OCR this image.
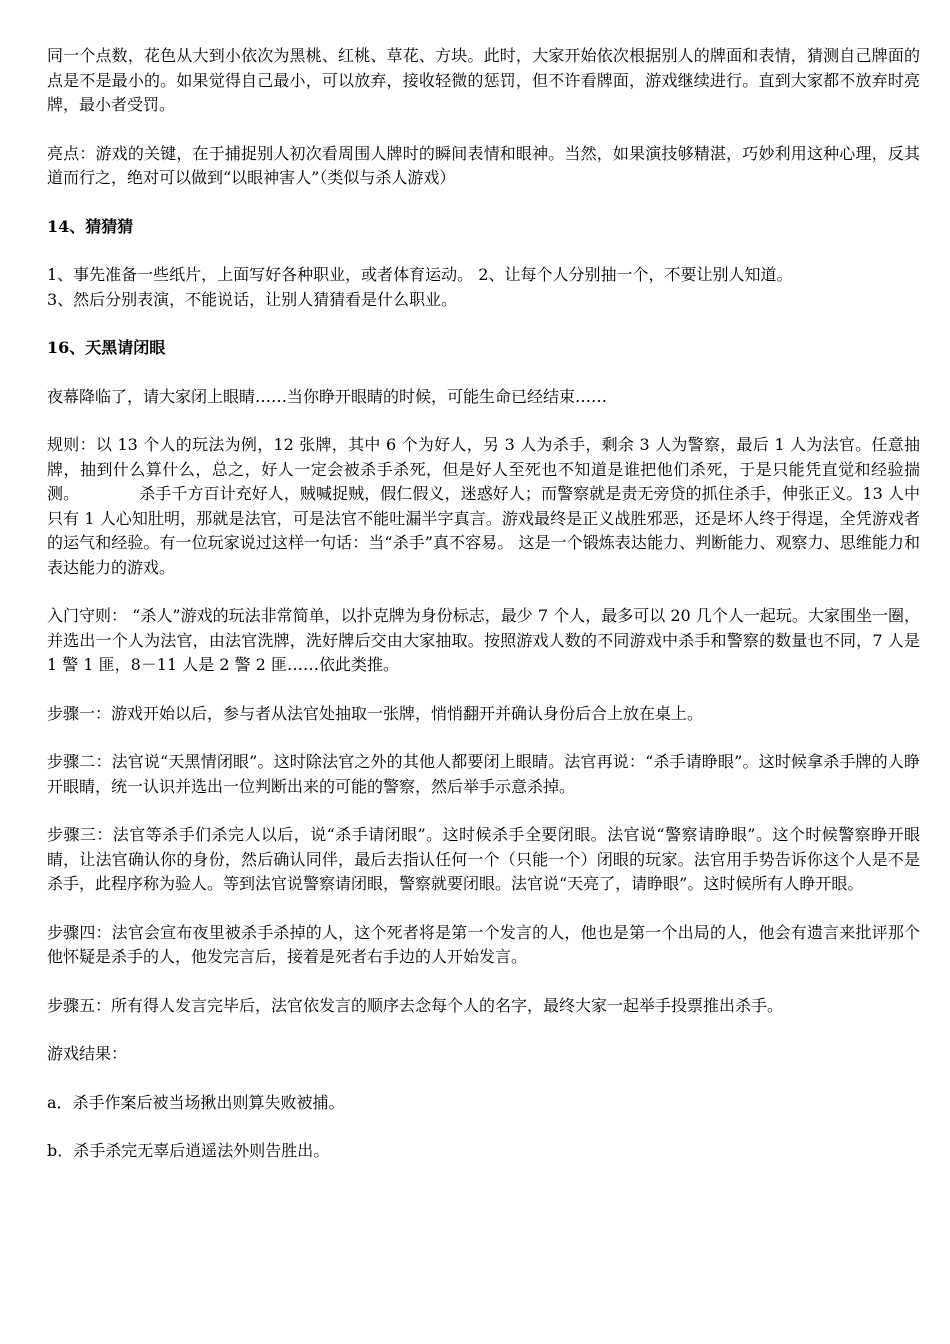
同一个点数，花色从大到小依次为黑桃、红桃、草花、方块。此时，大家开始依次根据别人的牌面和表情，猜测自己牌面的点是不是最小的。如果觉得自己最小，可以放弃，接收轻微的惩罚，但不许看牌面，游戏继续进行。直到大家都不放弃时亮牌，最小者受罚。

亮点：游戏的关键，在于捕捉别人初次看周围人牌时的瞬间表情和眼神。当然，如果演技够精湛，巧妙利用这种心理，反其道而行之，绝对可以做到“以眼神害人”（类似与杀人游戏）

14、猜猜猜

1、事先准备一些纸片，上面写好各种职业，或者体育运动。 2、让每个人分别抽一个，不要让别人知道。
3、然后分别表演，不能说话，让别人猜猜看是什么职业。

16、天黑请闭眼

夜幕降临了，请大家闭上眼睛……当你睁开眼睛的时候，可能生命已经结束……

规则：以 13 个人的玩法为例，12 张牌，其中 6 个为好人，另 3 人为杀手，剩余 3 人为警察，最后 1 人为法官。任意抽牌，抽到什么算什么，总之，好人一定会被杀手杀死，但是好人至死也不知道是谁把他们杀死，于是只能凭直觉和经验揣测。	杀手千方百计充好人，贼喊捉贼，假仁假义，迷惑好人；而警察就是责无旁贷的抓住杀手，伸张正义。13 人中只有 1 人心知肚明，那就是法官，可是法官不能吐漏半字真言。游戏最终是正义战胜邪恶，还是坏人终于得逞，全凭游戏者的运气和经验。有一位玩家说过这样一句话：当“杀手”真不容易。 这是一个锻炼表达能力、判断能力、观察力、思维能力和表达能力的游戏。

入门守则： “杀人”游戏的玩法非常简单，以扑克牌为身份标志，最少 7 个人，最多可以 20 几个人一起玩。大家围坐一圈，并选出一个人为法官，由法官洗牌，洗好牌后交由大家抽取。按照游戏人数的不同游戏中杀手和警察的数量也不同，7 人是 1 警 1 匪，8－11 人是 2 警 2 匪……依此类推。

步骤一：游戏开始以后，参与者从法官处抽取一张牌，悄悄翻开并确认身份后合上放在桌上。

步骤二：法官说“天黑情闭眼”。这时除法官之外的其他人都要闭上眼睛。法官再说：“杀手请睁眼”。这时候拿杀手牌的人睁开眼睛，统一认识并选出一位判断出来的可能的警察，然后举手示意杀掉。

步骤三：法官等杀手们杀完人以后，说“杀手请闭眼”。这时候杀手全要闭眼。法官说“警察请睁眼”。这个时候警察睁开眼睛，让法官确认你的身份，然后确认同伴，最后去指认任何一个（只能一个）闭眼的玩家。法官用手势告诉你这个人是不是杀手，此程序称为验人。等到法官说警察请闭眼，警察就要闭眼。法官说“天亮了，请睁眼”。这时候所有人睁开眼。

步骤四：法官会宣布夜里被杀手杀掉的人，这个死者将是第一个发言的人，他也是第一个出局的人，他会有遗言来批评那个他怀疑是杀手的人，他发完言后，接着是死者右手边的人开始发言。

步骤五：所有得人发言完毕后，法官依发言的顺序去念每个人的名字，最终大家一起举手投票推出杀手。

游戏结果：

a．杀手作案后被当场揪出则算失败被捕。

b．杀手杀完无辜后逍遥法外则告胜出。
